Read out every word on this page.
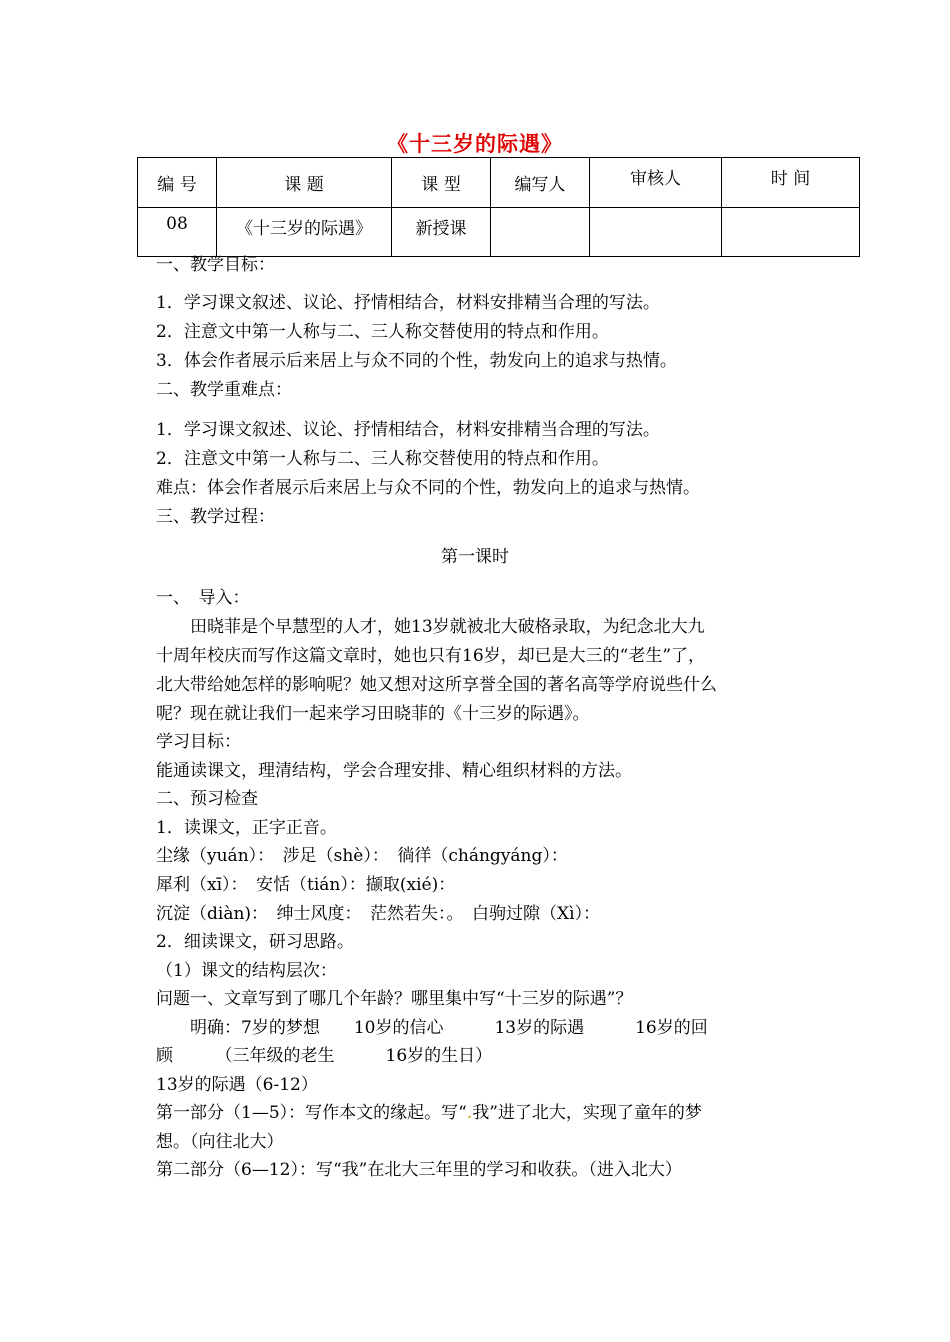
《十三岁的际遇》
编 号	课 题	课 型	编写人	审核人	时 间
08	《十三岁的际遇》	新授课			
一、教学目标：
1．学习课文叙述、议论、抒情相结合，材料安排精当合理的写法。
2．注意文中第一人称与二、三人称交替使用的特点和作用。
3．体会作者展示后来居上与众不同的个性，勃发向上的追求与热情。
二、教学重难点：
1．学习课文叙述、议论、抒情相结合，材料安排精当合理的写法。
2．注意文中第一人称与二、三人称交替使用的特点和作用。
难点：体会作者展示后来居上与众不同的个性，勃发向上的追求与热情。
三、教学过程：
第一课时
一、　导入：
　　田晓菲是个早慧型的人才，她13岁就被北大破格录取，为纪念北大九
十周年校庆而写作这篇文章时，她也只有16岁，却已是大三的“老生”了，
北大带给她怎样的影响呢？她又想对这所享誉全国的著名高等学府说些什么
呢？现在就让我们一起来学习田晓菲的《十三岁的际遇》。
学习目标：
能通读课文，理清结构，学会合理安排、精心组织材料的方法。
二、预习检查
1．读课文，正字正音。
尘缘（yuán）：　涉足（shè）：　徜徉（chángyáng）：
犀利（xī）：　安恬（tián）：撷取(xié)：
沉淀（diàn)：　绅士风度：　茫然若失：。　白驹过隙（Xì）：
2．细读课文，研习思路。
（1）课文的结构层次：
问题一、文章写到了哪几个年龄？哪里集中写“十三岁的际遇”？
　　明确：7岁的梦想　　10岁的信心　　　13岁的际遇　　　16岁的回
顾　　　（三年级的老生　　　16岁的生日）
13岁的际遇（6-12）
第一部分（1—5）：写作本文的缘起。写“.我”进了北大，实现了童年的梦
想。（向往北大）
第二部分（6—12）：写“我”在北大三年里的学习和收获。（进入北大）
